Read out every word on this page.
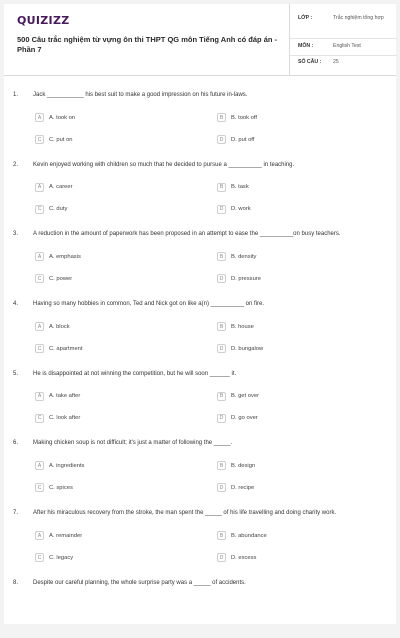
QUIZIZZ
500 Câu trắc nghiệm từ vựng ôn thi THPT QG môn Tiếng Anh có đáp án - Phần 7
LỚP :	Trắc nghiệm tổng hợp
MÔN :	English Test
SỐ CÂU :	25
1. Jack ___________ his best suit to make a good impression on his future in-laws.
A	A. took on	B	B. took off
C	C. put on	D	D. put off
2. Kevin enjoyed working with children so much that he decided to pursue a __________ in teaching.
A	A. career	B	B. task
C	C. duty	D	D. work
3. A reduction in the amount of paperwork has been proposed in an attempt to ease the __________on busy teachers.
A	A. emphasis	B	B. density
C	C. power	D	D. pressure
4. Having so many hobbies in common, Ted and Nick got on like a(n) __________ on fire.
A	A. block	B	B. house
C	C. apartment	D	D. bungalow
5. He is disappointed at not winning the competition, but he will soon ______ it.
A	A. take after	B	B. get over
C	C. look after	D	D. go over
6. Making chicken soup is not difficult; it's just a matter of following the _____.
A	A. ingredients	B	B. design
C	C. spices	D	D. recipe
7. After his miraculous recovery from the stroke, the man spent the _____ of his life travelling and doing charity work.
A	A. remainder	B	B. abundance
C	C. legacy	D	D. excess
8. Despite our careful planning, the whole surprise party was a _____ of accidents.
